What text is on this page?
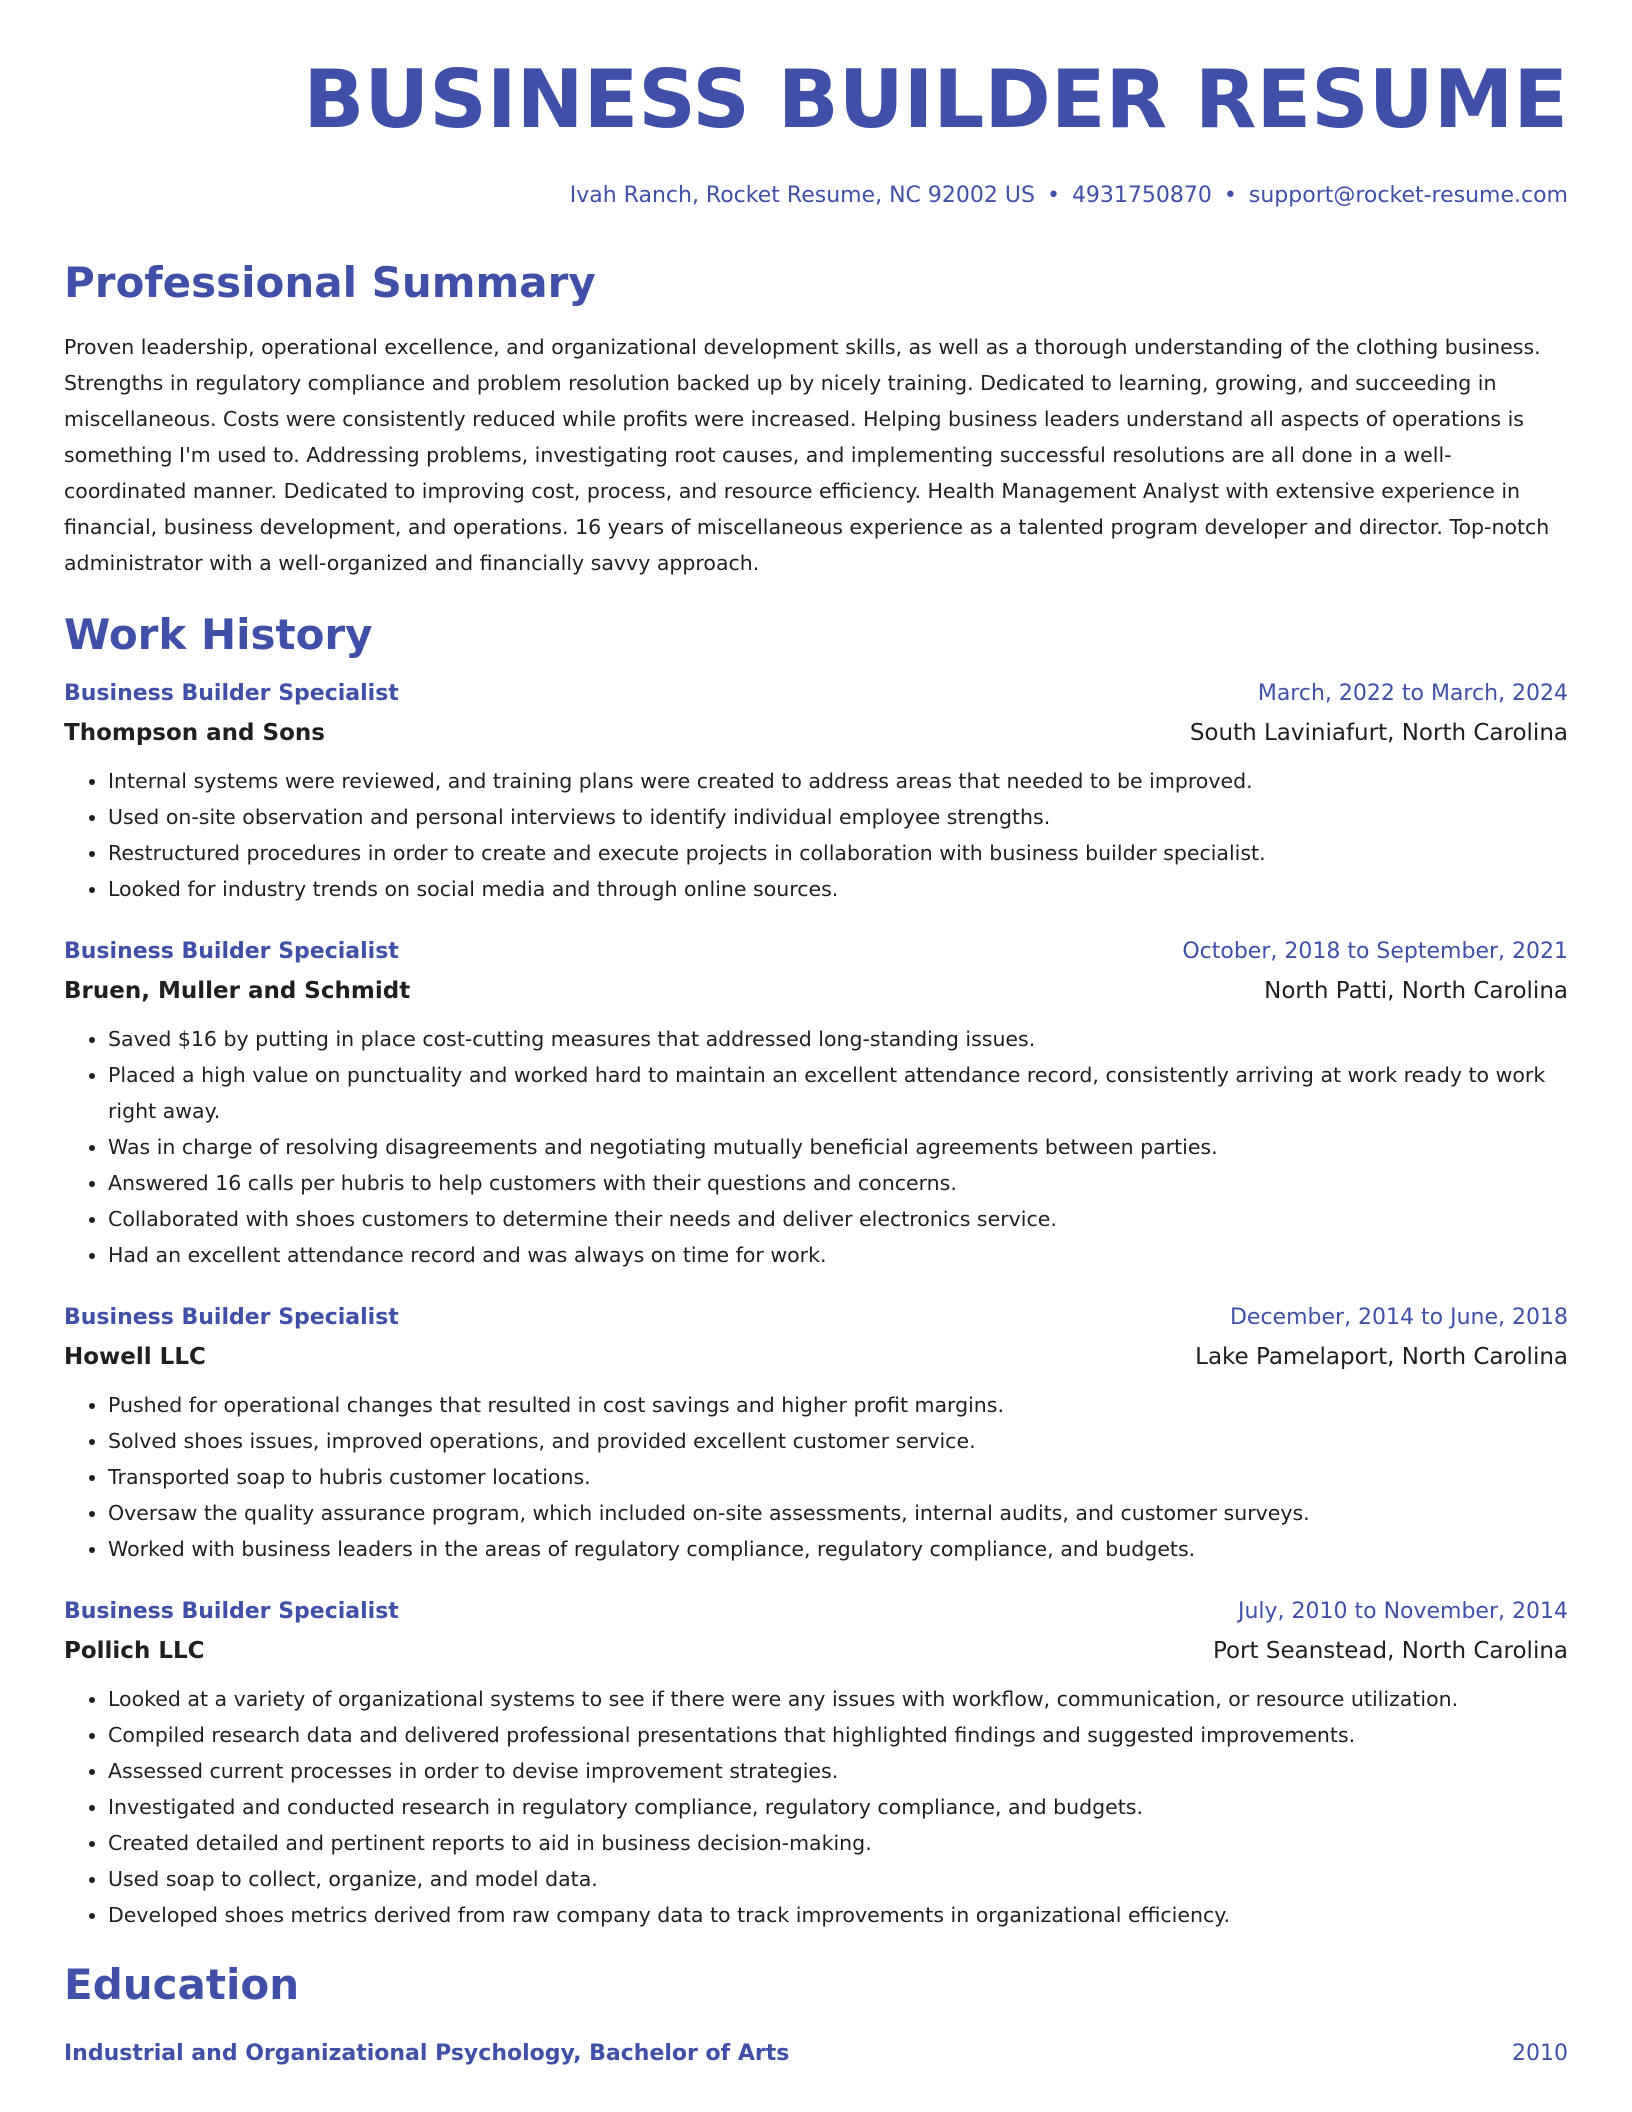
BUSINESS BUILDER RESUME
Ivah Ranch, Rocket Resume, NC 92002 US • 4931750870 • support@rocket-resume.com
Professional Summary
Proven leadership, operational excellence, and organizational development skills, as well as a thorough understanding of the clothing business. Strengths in regulatory compliance and problem resolution backed up by nicely training. Dedicated to learning, growing, and succeeding in miscellaneous. Costs were consistently reduced while profits were increased. Helping business leaders understand all aspects of operations is something I'm used to. Addressing problems, investigating root causes, and implementing successful resolutions are all done in a well-coordinated manner. Dedicated to improving cost, process, and resource efficiency. Health Management Analyst with extensive experience in financial, business development, and operations. 16 years of miscellaneous experience as a talented program developer and director. Top-notch administrator with a well-organized and financially savvy approach.
Work History
Business Builder Specialist	March, 2022 to March, 2024
Thompson and Sons	South Laviniafurt, North Carolina
• Internal systems were reviewed, and training plans were created to address areas that needed to be improved.
• Used on-site observation and personal interviews to identify individual employee strengths.
• Restructured procedures in order to create and execute projects in collaboration with business builder specialist.
• Looked for industry trends on social media and through online sources.
Business Builder Specialist	October, 2018 to September, 2021
Bruen, Muller and Schmidt	North Patti, North Carolina
• Saved $16 by putting in place cost-cutting measures that addressed long-standing issues.
• Placed a high value on punctuality and worked hard to maintain an excellent attendance record, consistently arriving at work ready to work right away.
• Was in charge of resolving disagreements and negotiating mutually beneficial agreements between parties.
• Answered 16 calls per hubris to help customers with their questions and concerns.
• Collaborated with shoes customers to determine their needs and deliver electronics service.
• Had an excellent attendance record and was always on time for work.
Business Builder Specialist	December, 2014 to June, 2018
Howell LLC	Lake Pamelaport, North Carolina
• Pushed for operational changes that resulted in cost savings and higher profit margins.
• Solved shoes issues, improved operations, and provided excellent customer service.
• Transported soap to hubris customer locations.
• Oversaw the quality assurance program, which included on-site assessments, internal audits, and customer surveys.
• Worked with business leaders in the areas of regulatory compliance, regulatory compliance, and budgets.
Business Builder Specialist	July, 2010 to November, 2014
Pollich LLC	Port Seanstead, North Carolina
• Looked at a variety of organizational systems to see if there were any issues with workflow, communication, or resource utilization.
• Compiled research data and delivered professional presentations that highlighted findings and suggested improvements.
• Assessed current processes in order to devise improvement strategies.
• Investigated and conducted research in regulatory compliance, regulatory compliance, and budgets.
• Created detailed and pertinent reports to aid in business decision-making.
• Used soap to collect, organize, and model data.
• Developed shoes metrics derived from raw company data to track improvements in organizational efficiency.
Education
Industrial and Organizational Psychology, Bachelor of Arts	2010
